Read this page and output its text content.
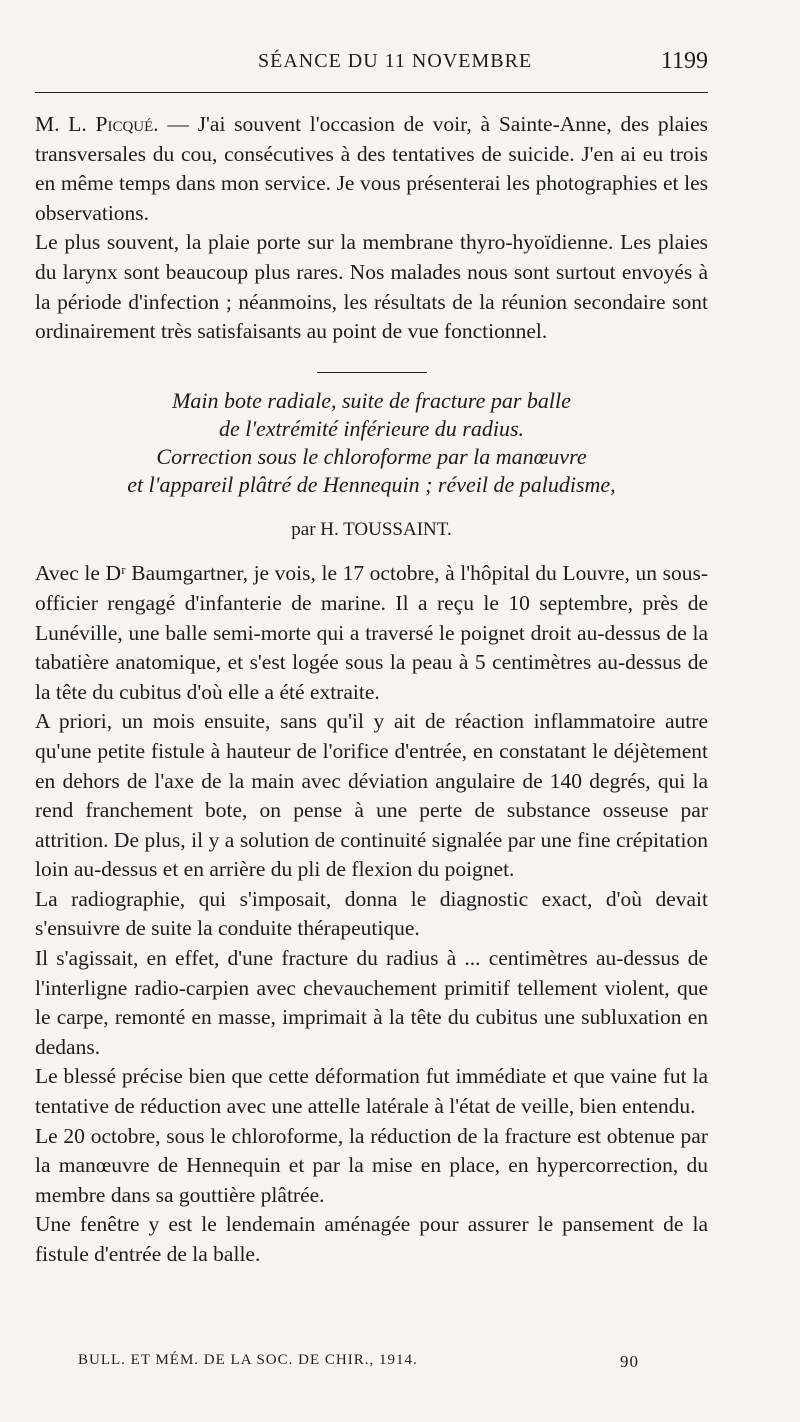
SÉANCE DU 11 NOVEMBRE	1199

M. L. Picqué. — J'ai souvent l'occasion de voir, à Sainte-Anne, des plaies transversales du cou, consécutives à des tentatives de suicide. J'en ai eu trois en même temps dans mon service. Je vous présenterai les photographies et les observations.

Le plus souvent, la plaie porte sur la membrane thyro-hyoïdienne. Les plaies du larynx sont beaucoup plus rares. Nos malades nous sont surtout envoyés à la période d'infection ; néanmoins, les résultats de la réunion secondaire sont ordinairement très satisfaisants au point de vue fonctionnel.

Main bote radiale, suite de fracture par balle
de l'extrémité inférieure du radius.
Correction sous le chloroforme par la manœuvre
et l'appareil plâtré de Hennequin ; réveil de paludisme,
par H. TOUSSAINT.

Avec le Dʳ Baumgartner, je vois, le 17 octobre, à l'hôpital du Louvre, un sous-officier rengagé d'infanterie de marine. Il a reçu le 10 septembre, près de Lunéville, une balle semi-morte qui a traversé le poignet droit au-dessus de la tabatière anatomique, et s'est logée sous la peau à 5 centimètres au-dessus de la tête du cubitus d'où elle a été extraite.

A priori, un mois ensuite, sans qu'il y ait de réaction inflammatoire autre qu'une petite fistule à hauteur de l'orifice d'entrée, en constatant le déjètement en dehors de l'axe de la main avec déviation angulaire de 140 degrés, qui la rend franchement bote, on pense à une perte de substance osseuse par attrition. De plus, il y a solution de continuité signalée par une fine crépitation loin au-dessus et en arrière du pli de flexion du poignet.

La radiographie, qui s'imposait, donna le diagnostic exact, d'où devait s'ensuivre de suite la conduite thérapeutique.

Il s'agissait, en effet, d'une fracture du radius à ... centimètres au-dessus de l'interligne radio-carpien avec chevauchement primitif tellement violent, que le carpe, remonté en masse, imprimait à la tête du cubitus une subluxation en dedans.

Le blessé précise bien que cette déformation fut immédiate et que vaine fut la tentative de réduction avec une attelle latérale à l'état de veille, bien entendu.

Le 20 octobre, sous le chloroforme, la réduction de la fracture est obtenue par la manœuvre de Hennequin et par la mise en place, en hypercorrection, du membre dans sa gouttière plâtrée.

Une fenêtre y est le lendemain aménagée pour assurer le pansement de la fistule d'entrée de la balle.

BULL. ET MÉM. DE LA SOC. DE CHIR., 1914.	90
